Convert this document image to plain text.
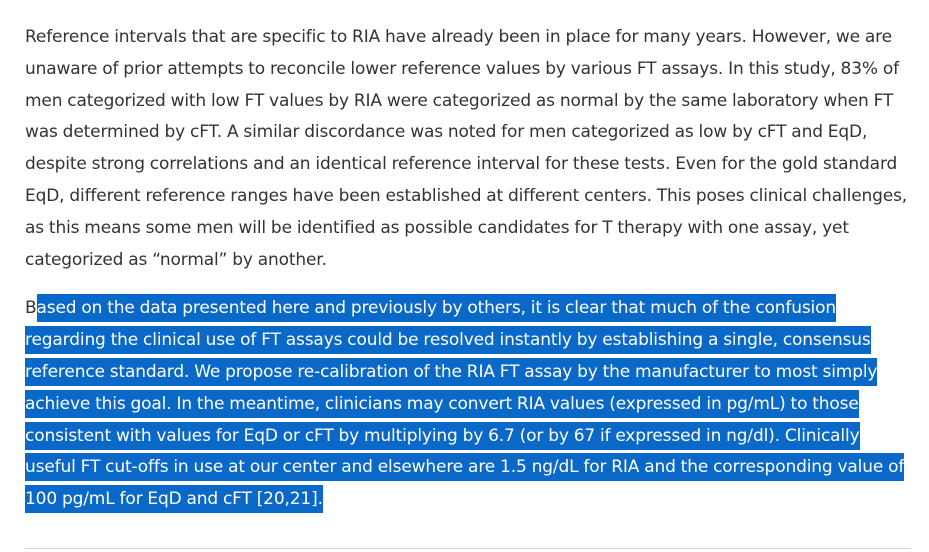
Reference intervals that are specific to RIA have already been in place for many years. However, we are unaware of prior attempts to reconcile lower reference values by various FT assays. In this study, 83% of men categorized with low FT values by RIA were categorized as normal by the same laboratory when FT was determined by cFT. A similar discordance was noted for men categorized as low by cFT and EqD, despite strong correlations and an identical reference interval for these tests. Even for the gold standard EqD, different reference ranges have been established at different centers. This poses clinical challenges, as this means some men will be identified as possible candidates for T therapy with one assay, yet categorized as “normal” by another.

Based on the data presented here and previously by others, it is clear that much of the confusion regarding the clinical use of FT assays could be resolved instantly by establishing a single, consensus reference standard. We propose re-calibration of the RIA FT assay by the manufacturer to most simply achieve this goal. In the meantime, clinicians may convert RIA values (expressed in pg/mL) to those consistent with values for EqD or cFT by multiplying by 6.7 (or by 67 if expressed in ng/dl). Clinically useful FT cut-offs in use at our center and elsewhere are 1.5 ng/dL for RIA and the corresponding value of 100 pg/mL for EqD and cFT [20,21].
